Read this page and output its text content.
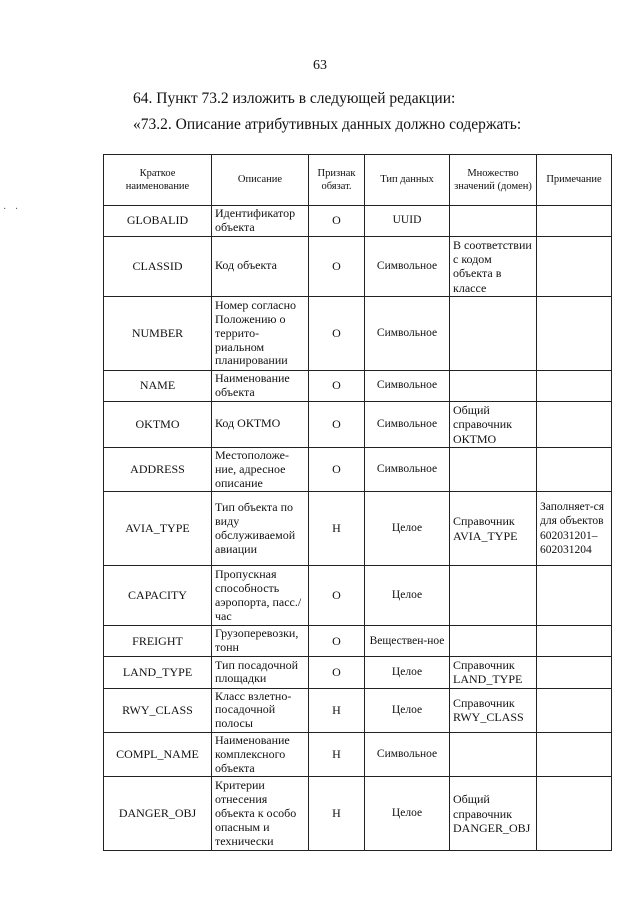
63
64. Пункт 73.2 изложить в следующей редакции:
«73.2. Описание атрибутивных данных должно содержать:
· ·
Краткое наименование	Описание	Признак обязат.	Тип данных	Множество значений (домен)	Примечание
GLOBALID	Идентификатор объекта	О	UUID		
CLASSID	Код объекта	О	Символьное	В соответствии с кодом объекта в классе	
NUMBER	Номер согласно Положению о террито-риальном планировании	О	Символьное		
NAME	Наименование объекта	О	Символьное		
OKTMO	Код ОКТМО	О	Символьное	Общий справочник ОКТМО	
ADDRESS	Местоположе-ние, адресное описание	О	Символьное		
AVIA_TYPE	Тип объекта по виду обслуживаемой авиации	Н	Целое	Справочник AVIA_TYPE	Заполняет-ся для объектов 602031201–602031204
CAPACITY	Пропускная способность аэропорта, пасс./час	О	Целое		
FREIGHT	Грузоперевозки, тонн	О	Веществен-ное		
LAND_TYPE	Тип посадочной площадки	О	Целое	Справочник LAND_TYPE	
RWY_CLASS	Класс взлетно-посадочной полосы	Н	Целое	Справочник RWY_CLASS	
COMPL_NAME	Наименование комплексного объекта	Н	Символьное		
DANGER_OBJ	Критерии отнесения объекта к особо опасным и технически	Н	Целое	Общий справочник DANGER_OBJ	
